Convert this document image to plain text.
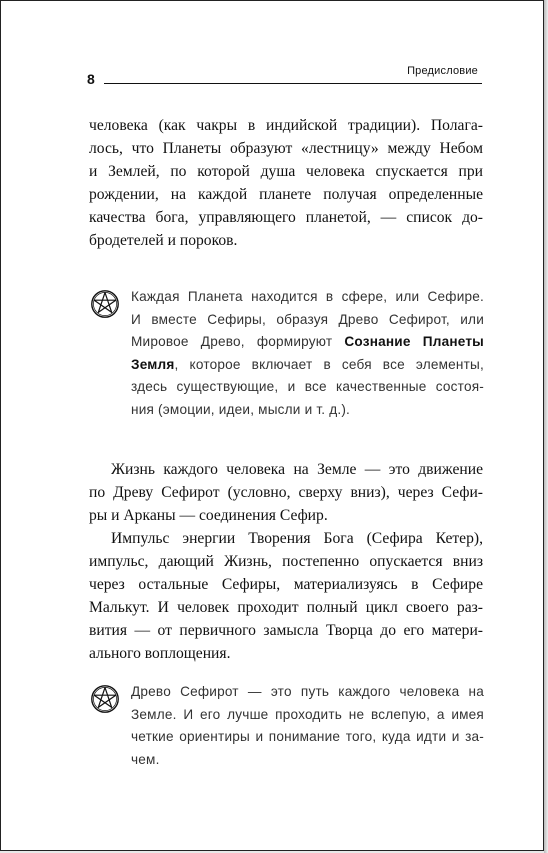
8	Предисловие
человека (как чакры в индийской традиции). Полага-
лось, что Планеты образуют «лестницу» между Небом
и Землей, по которой душа человека спускается при
рождении, на каждой планете получая определенные
качества бога, управляющего планетой, — список до-
бродетелей и пороков.
Каждая Планета находится в сфере, или Сефире.
И вместе Сефиры, образуя Древо Сефирот, или
Мировое Древо, формируют Сознание Планеты
Земля, которое включает в себя все элементы,
здесь существующие, и все качественные состоя-
ния (эмоции, идеи, мысли и т. д.).
Жизнь каждого человека на Земле — это движение
по Древу Сефирот (условно, сверху вниз), через Сефи-
ры и Арканы — соединения Сефир.
Импульс энергии Творения Бога (Сефира Кетер),
импульс, дающий Жизнь, постепенно опускается вниз
через остальные Сефиры, материализуясь в Сефире
Малькут. И человек проходит полный цикл своего раз-
вития — от первичного замысла Творца до его матери-
ального воплощения.
Древо Сефирот — это путь каждого человека на
Земле. И его лучше проходить не вслепую, а имея
четкие ориентиры и понимание того, куда идти и за-
чем.
